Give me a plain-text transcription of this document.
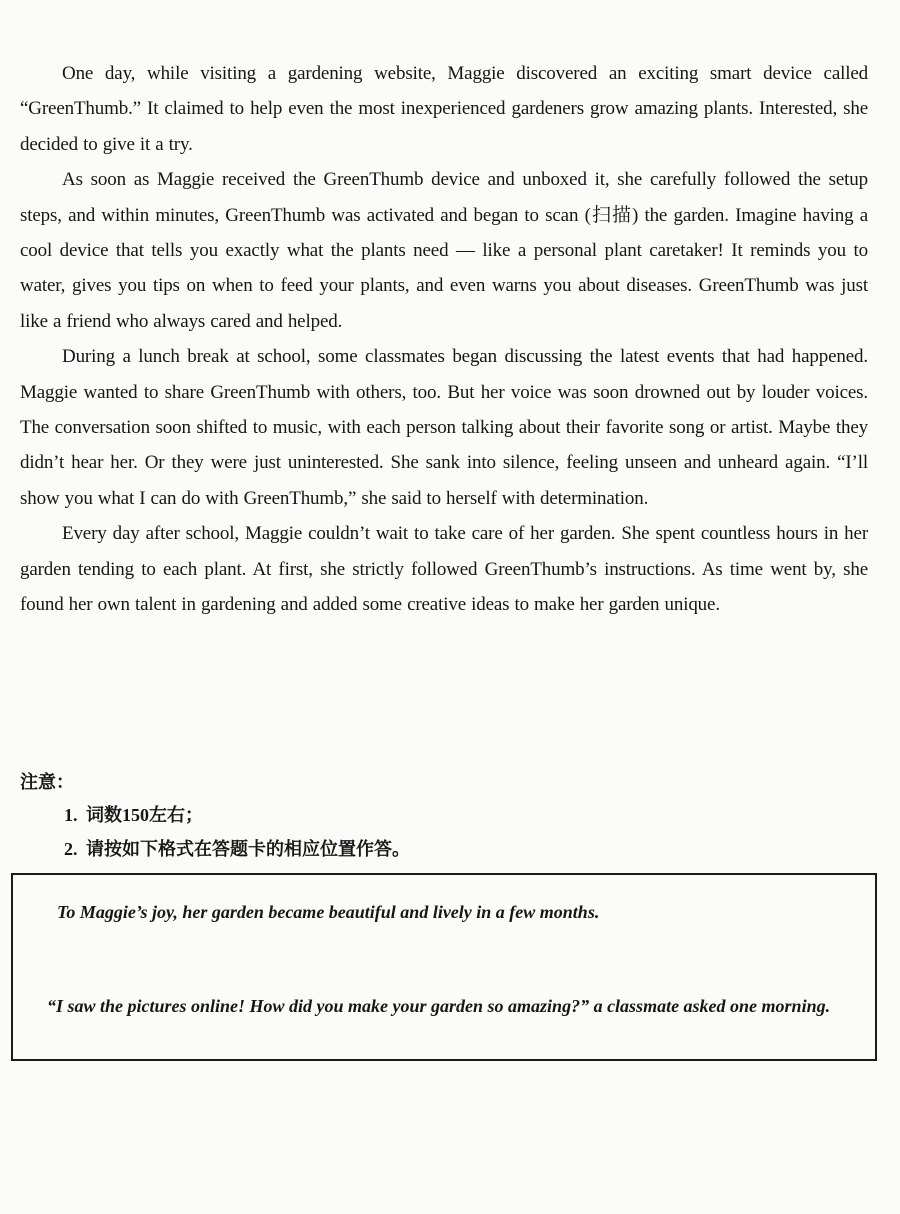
One day, while visiting a gardening website, Maggie discovered an exciting smart device called “GreenThumb.” It claimed to help even the most inexperienced gardeners grow amazing plants. Interested, she decided to give it a try.

As soon as Maggie received the GreenThumb device and unboxed it, she carefully followed the setup steps, and within minutes, GreenThumb was activated and began to scan (扫描) the garden. Imagine having a cool device that tells you exactly what the plants need — like a personal plant caretaker! It reminds you to water, gives you tips on when to feed your plants, and even warns you about diseases. GreenThumb was just like a friend who always cared and helped.

During a lunch break at school, some classmates began discussing the latest events that had happened. Maggie wanted to share GreenThumb with others, too. But her voice was soon drowned out by louder voices. The conversation soon shifted to music, with each person talking about their favorite song or artist. Maybe they didn’t hear her. Or they were just uninterested. She sank into silence, feeling unseen and unheard again. “I’ll show you what I can do with GreenThumb,” she said to herself with determination.

Every day after school, Maggie couldn’t wait to take care of her garden. She spent countless hours in her garden tending to each plant. At first, she strictly followed GreenThumb’s instructions. As time went by, she found her own talent in gardening and added some creative ideas to make her garden unique.

注意：

1. 词数150左右；
2. 请按如下格式在答题卡的相应位置作答。

To Maggie’s joy, her garden became beautiful and lively in a few months.

“I saw the pictures online! How did you make your garden so amazing?” a classmate asked one morning.
